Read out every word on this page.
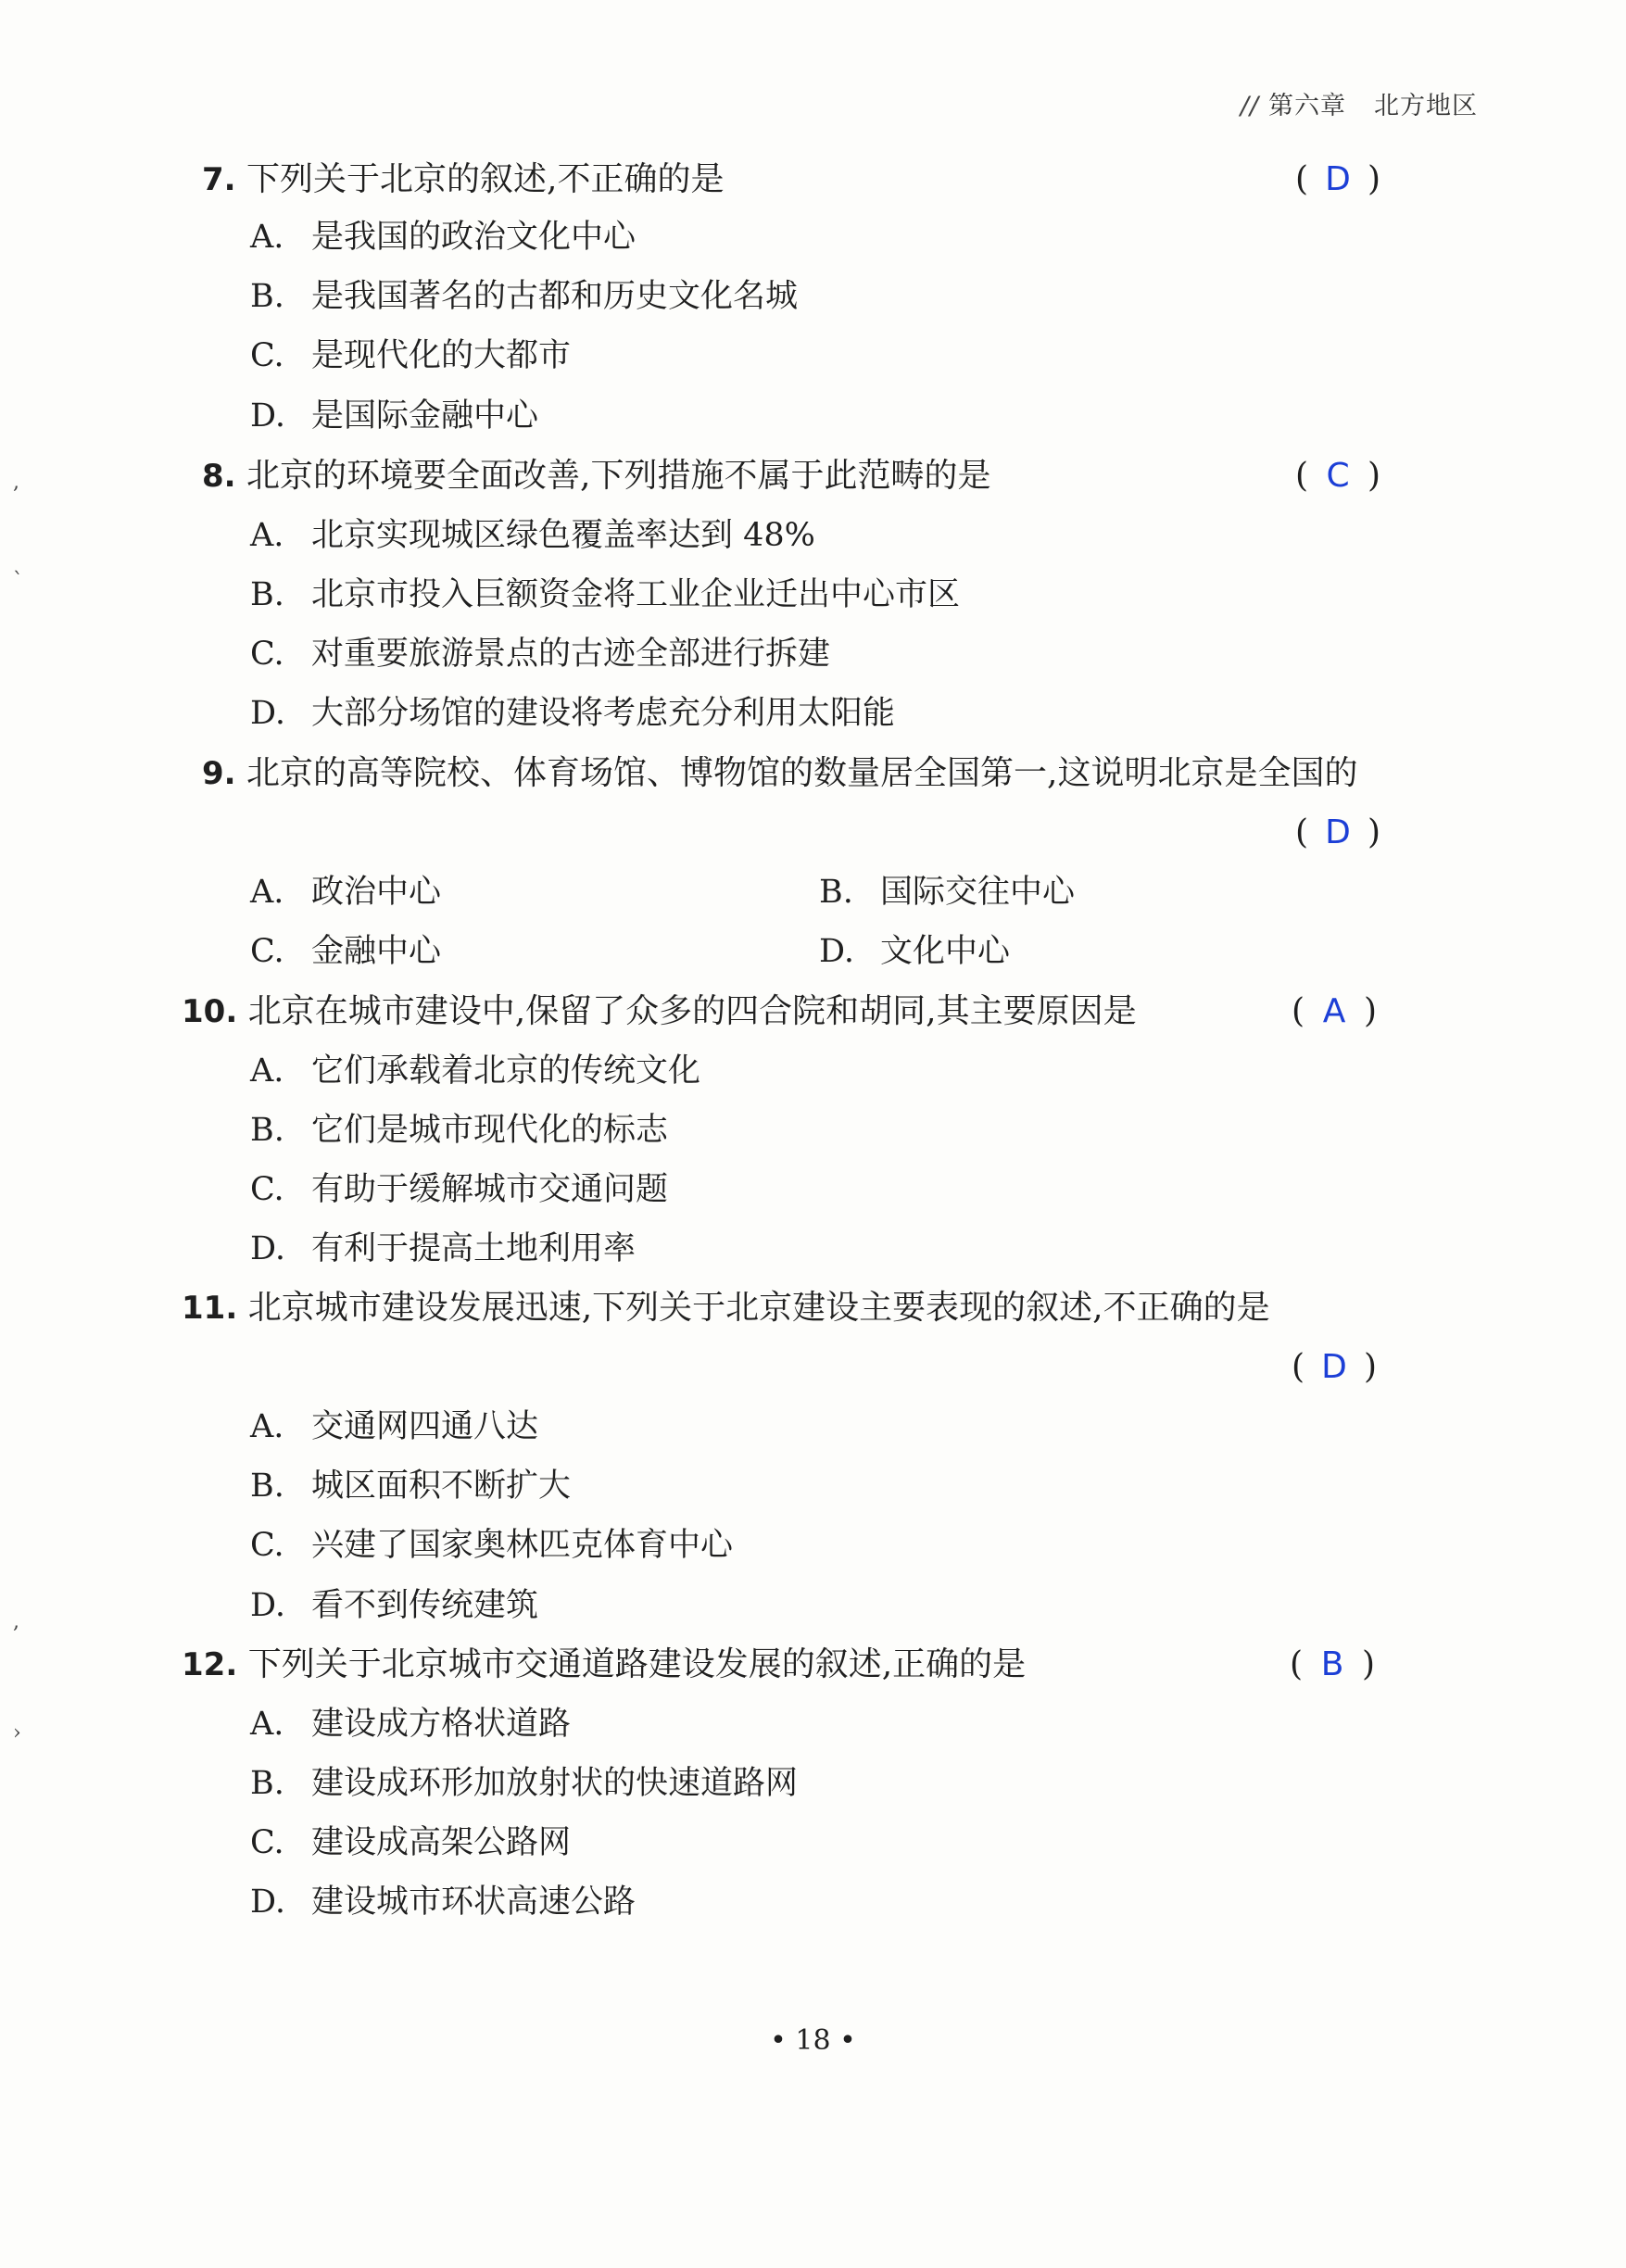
// 第六章 北方地区
7. 下列关于北京的叙述,不正确的是	( D )
A. 是我国的政治文化中心
B. 是我国著名的古都和历史文化名城
C. 是现代化的大都市
D. 是国际金融中心
8. 北京的环境要全面改善,下列措施不属于此范畴的是	( C )
A. 北京实现城区绿色覆盖率达到 48%
B. 北京市投入巨额资金将工业企业迁出中心市区
C. 对重要旅游景点的古迹全部进行拆建
D. 大部分场馆的建设将考虑充分利用太阳能
9. 北京的高等院校、体育场馆、博物馆的数量居全国第一,这说明北京是全国的
( D )
A. 政治中心	B. 国际交往中心
C. 金融中心	D. 文化中心
10. 北京在城市建设中,保留了众多的四合院和胡同,其主要原因是	( A )
A. 它们承载着北京的传统文化
B. 它们是城市现代化的标志
C. 有助于缓解城市交通问题
D. 有利于提高土地利用率
11. 北京城市建设发展迅速,下列关于北京建设主要表现的叙述,不正确的是
( D )
A. 交通网四通八达
B. 城区面积不断扩大
C. 兴建了国家奥林匹克体育中心
D. 看不到传统建筑
12. 下列关于北京城市交通道路建设发展的叙述,正确的是	( B )
A. 建设成方格状道路
B. 建设成环形加放射状的快速道路网
C. 建设成高架公路网
D. 建设城市环状高速公路
,
`
,
›
• 18 •
